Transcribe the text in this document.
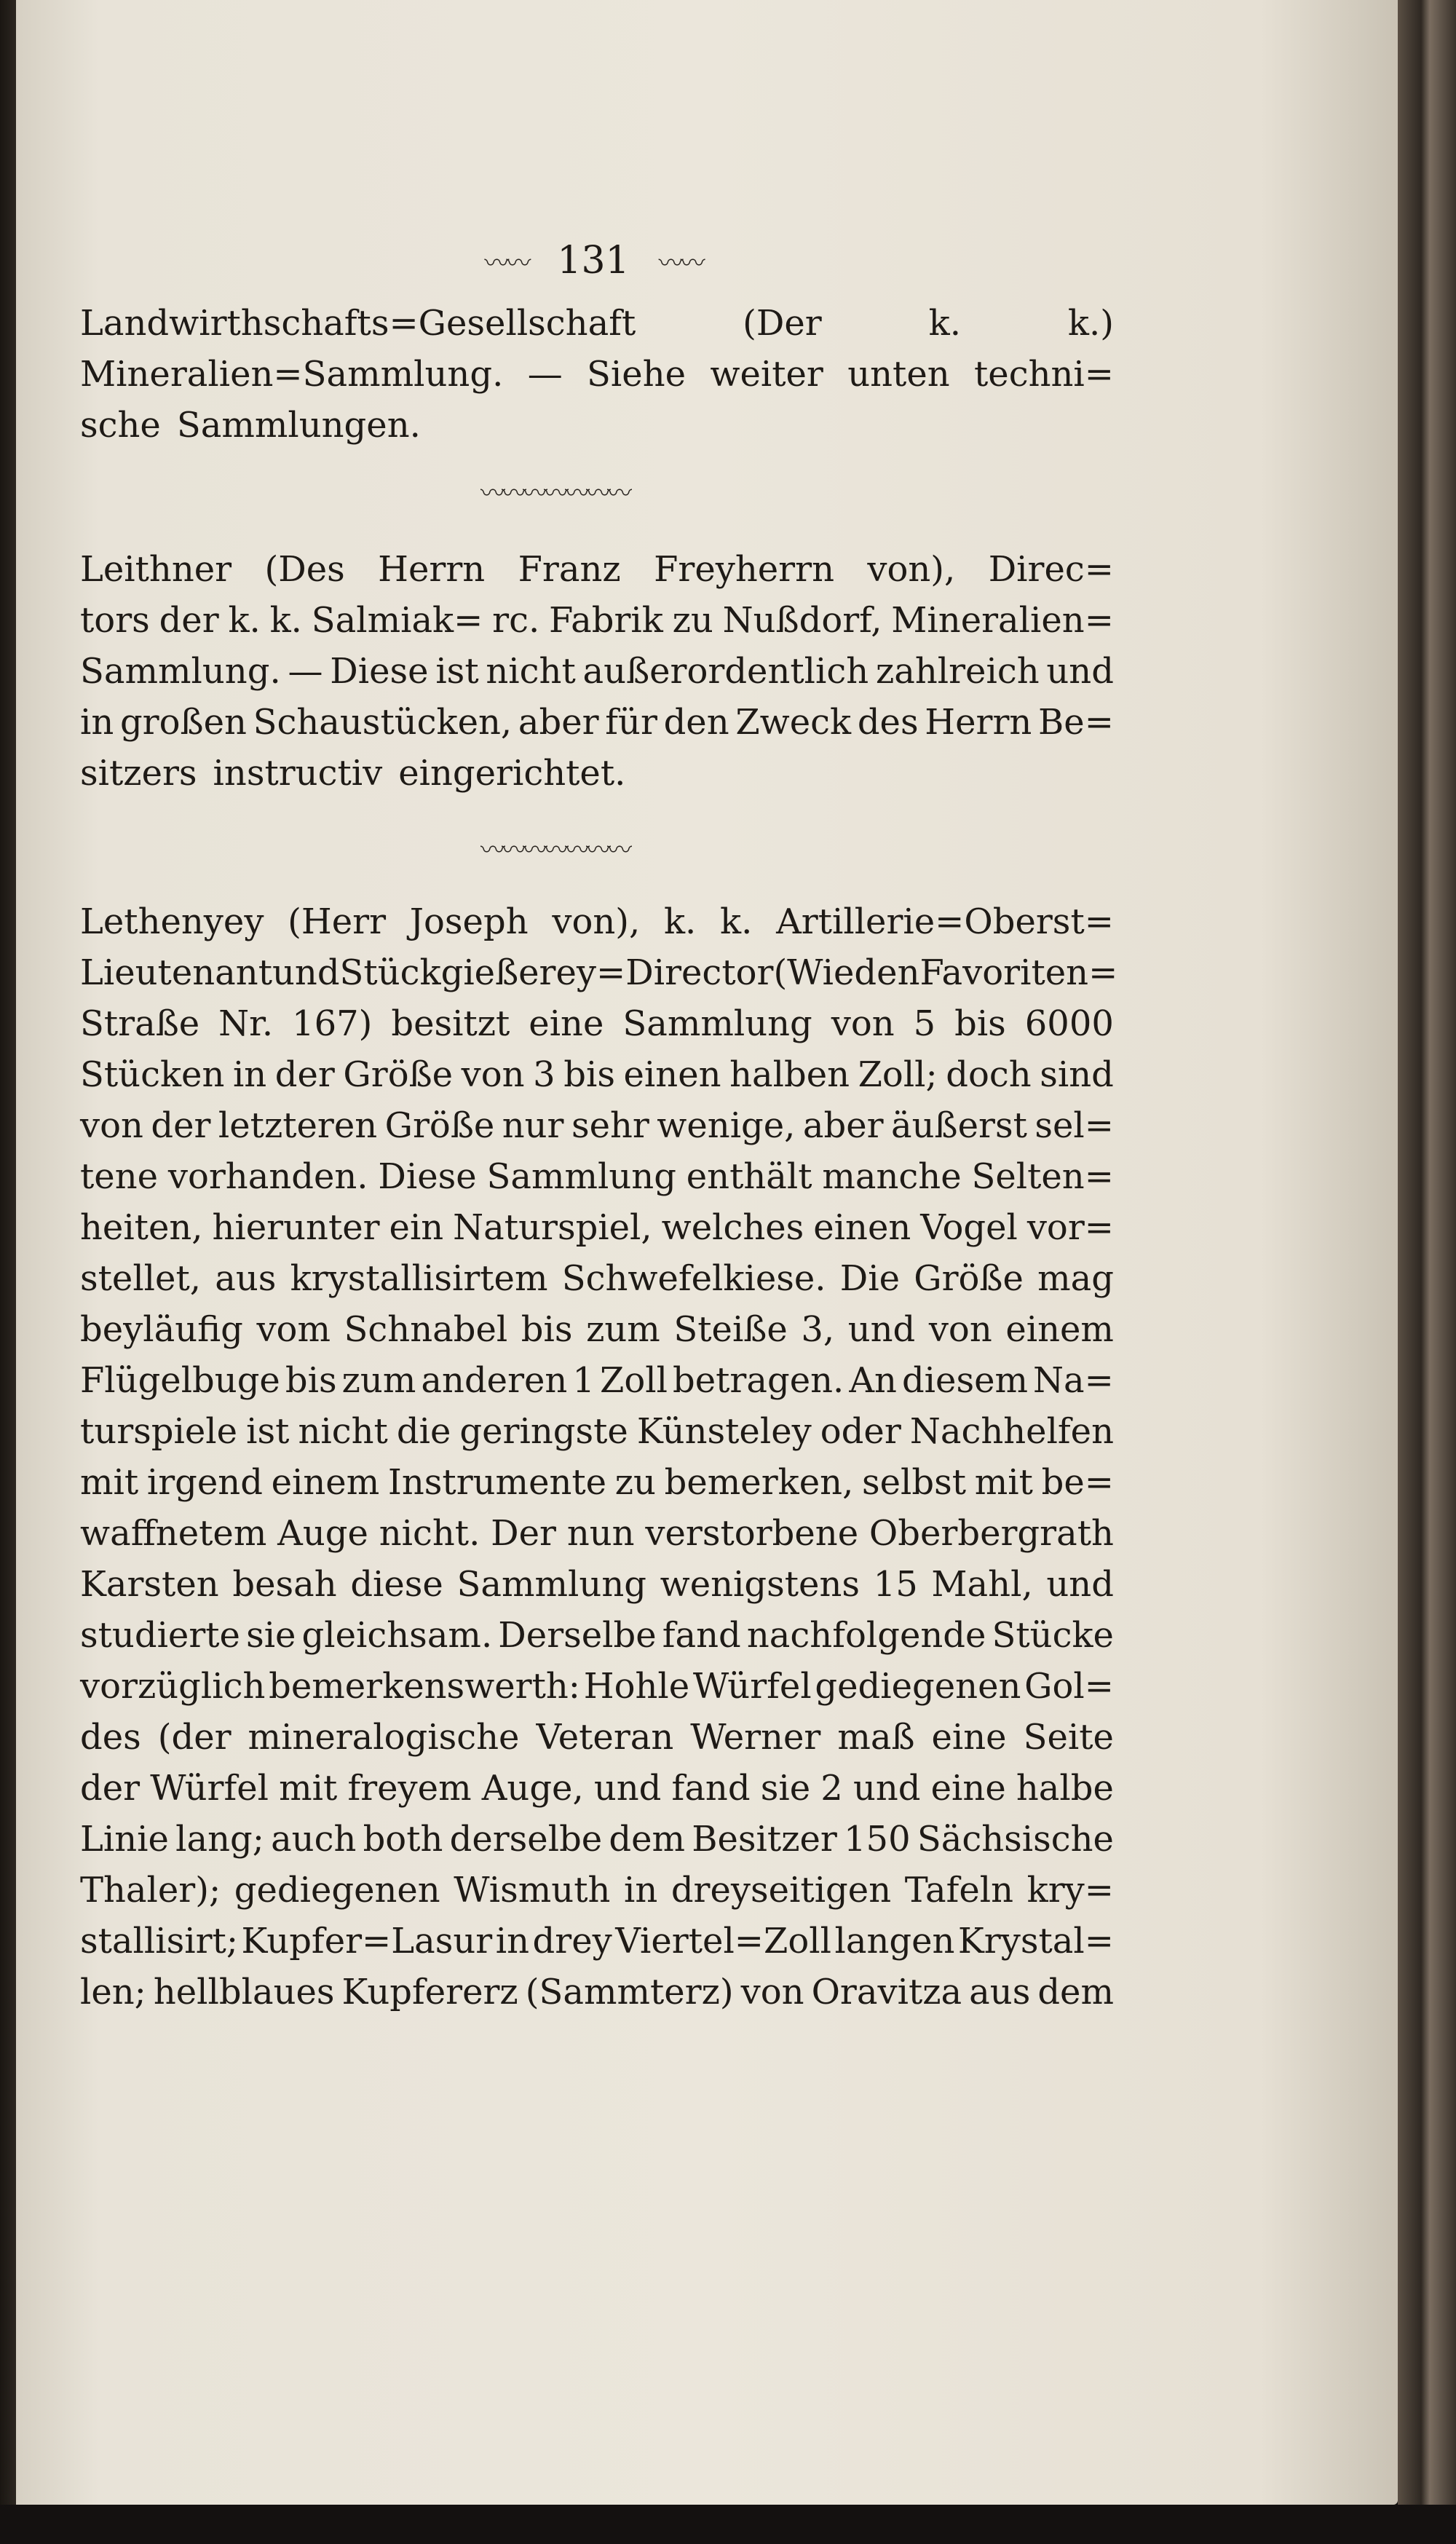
〰〰 131 〰〰
Landwirthschafts=Gesellschaft	(Der	k.	k.)
Mineralien=Sammlung. — Siehe weiter unten techni=
sche Sammlungen.
〰〰〰〰〰〰〰
Leithner (Des Herrn Franz Freyherrn von), Direc=
tors der k. k. Salmiak= rc. Fabrik zu Nußdorf, Mineralien=
Sammlung. — Diese ist nicht außerordentlich zahlreich und
in großen Schaustücken, aber für den Zweck des Herrn Be=
sitzers instructiv eingerichtet.
〰〰〰〰〰〰〰
Lethenyey (Herr Joseph von), k. k. Artillerie=Oberst=
Lieutenant und Stückgießerey=Director (Wieden Favoriten=
Straße Nr. 167) besitzt eine Sammlung von 5 bis 6000
Stücken in der Größe von 3 bis einen halben Zoll; doch sind
von der letzteren Größe nur sehr wenige, aber äußerst sel=
tene vorhanden. Diese Sammlung enthält manche Selten=
heiten, hierunter ein Naturspiel, welches einen Vogel vor=
stellet, aus krystallisirtem Schwefelkiese. Die Größe mag
beyläufig vom Schnabel bis zum Steiße 3, und von einem
Flügelbuge bis zum anderen 1 Zoll betragen. An diesem Na=
turspiele ist nicht die geringste Künsteley oder Nachhelfen
mit irgend einem Instrumente zu bemerken, selbst mit be=
waffnetem Auge nicht. Der nun verstorbene Oberbergrath
Karsten besah diese Sammlung wenigstens 15 Mahl, und
studierte sie gleichsam. Derselbe fand nachfolgende Stücke
vorzüglich bemerkenswerth: Hohle Würfel gediegenen Gol=
des (der mineralogische Veteran Werner maß eine Seite
der Würfel mit freyem Auge, und fand sie 2 und eine halbe
Linie lang; auch both derselbe dem Besitzer 150 Sächsische
Thaler); gediegenen Wismuth in dreyseitigen Tafeln kry=
stallisirt; Kupfer=Lasur in drey Viertel=Zoll langen Krystal=
len; hellblaues Kupfererz (Sammterz) von Oravitza aus dem
